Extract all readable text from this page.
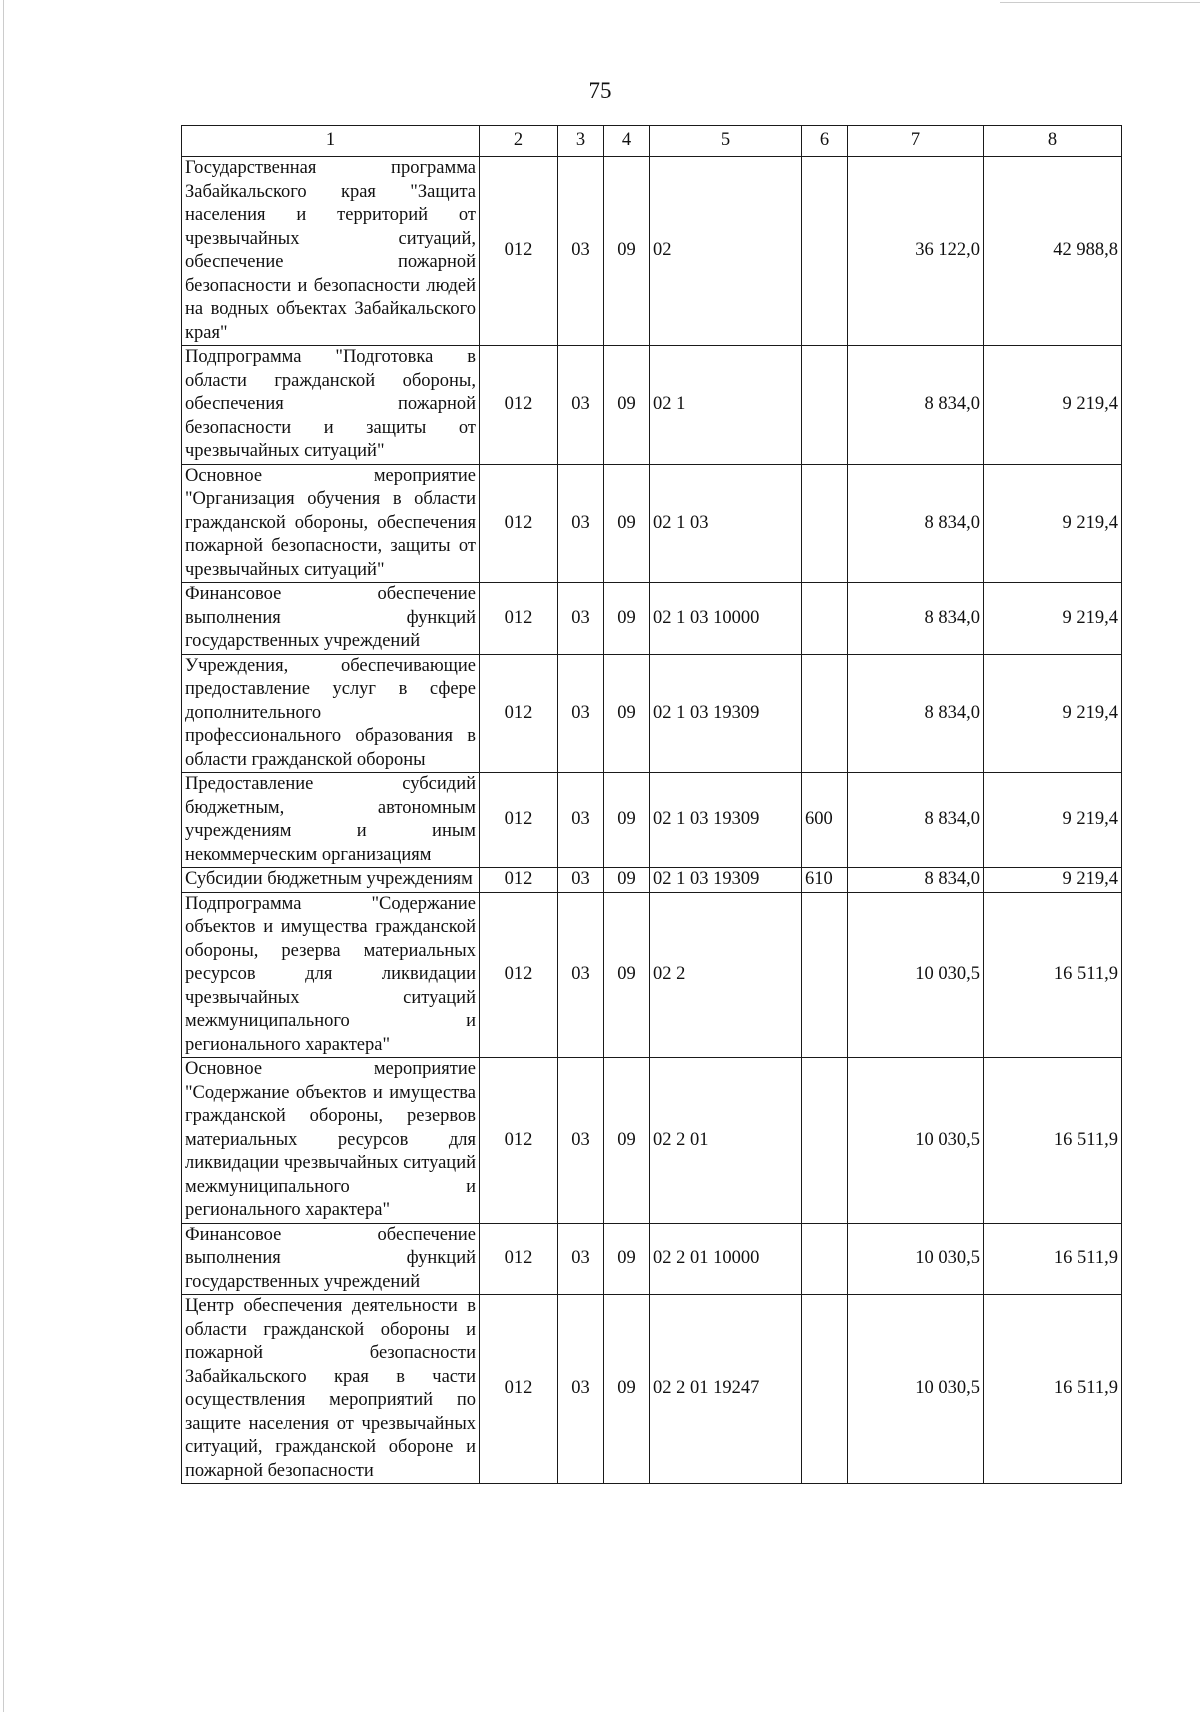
75
1	2	3	4	5	6	7	8
Государственная программа Забайкальского края "Защита населения и территорий от чрезвычайных ситуаций, обеспечение пожарной безопасности и безопасности людей на водных объектах Забайкальского края"	012	03	09	02		36 122,0	42 988,8
Подпрограмма "Подготовка в области гражданской обороны, обеспечения пожарной безопасности и защиты от чрезвычайных ситуаций"	012	03	09	02 1		8 834,0	9 219,4
Основное мероприятие "Организация обучения в области гражданской обороны, обеспечения пожарной безопасности, защиты от чрезвычайных ситуаций"	012	03	09	02 1 03		8 834,0	9 219,4
Финансовое обеспечение выполнения функций государственных учреждений	012	03	09	02 1 03 10000		8 834,0	9 219,4
Учреждения, обеспечивающие предоставление услуг в сфере дополнительного профессионального образования в области гражданской обороны	012	03	09	02 1 03 19309		8 834,0	9 219,4
Предоставление субсидий бюджетным, автономным учреждениям и иным некоммерческим организациям	012	03	09	02 1 03 19309	600	8 834,0	9 219,4
Субсидии бюджетным учреждениям	012	03	09	02 1 03 19309	610	8 834,0	9 219,4
Подпрограмма "Содержание объектов и имущества гражданской обороны, резерва материальных ресурсов для ликвидации чрезвычайных ситуаций межмуниципального и регионального характера"	012	03	09	02 2		10 030,5	16 511,9
Основное мероприятие "Содержание объектов и имущества гражданской обороны, резервов материальных ресурсов для ликвидации чрезвычайных ситуаций межмуниципального и регионального характера"	012	03	09	02 2 01		10 030,5	16 511,9
Финансовое обеспечение выполнения функций государственных учреждений	012	03	09	02 2 01 10000		10 030,5	16 511,9
Центр обеспечения деятельности в области гражданской обороны и пожарной безопасности Забайкальского края в части осуществления мероприятий по защите населения от чрезвычайных ситуаций, гражданской обороне и пожарной безопасности	012	03	09	02 2 01 19247		10 030,5	16 511,9
